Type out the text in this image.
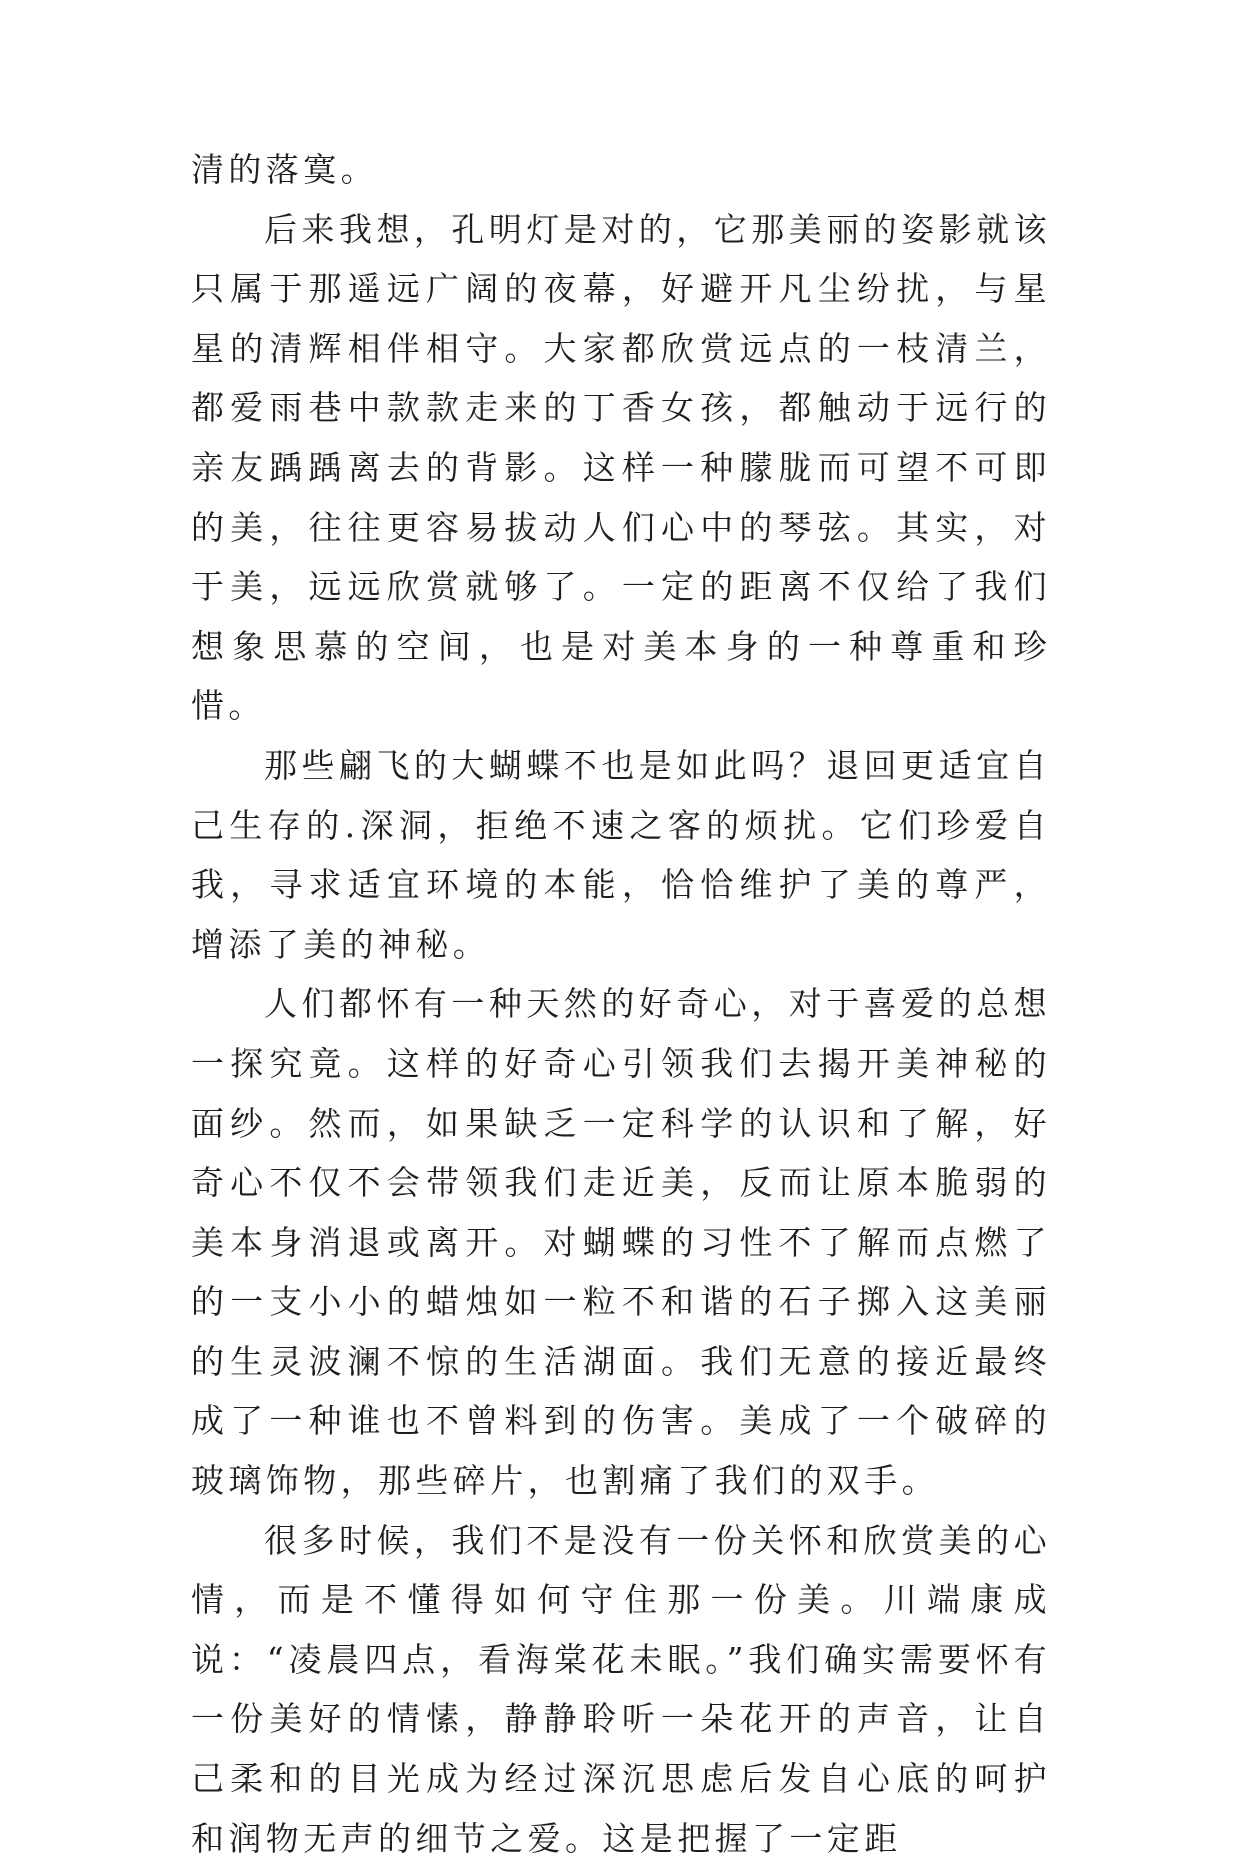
清的落寞。

后来我想，孔明灯是对的，它那美丽的姿影就该只属于那遥远广阔的夜幕，好避开凡尘纷扰，与星星的清辉相伴相守。大家都欣赏远点的一枝清兰，都爱雨巷中款款走来的丁香女孩，都触动于远行的亲友踽踽离去的背影。这样一种朦胧而可望不可即的美，往往更容易拔动人们心中的琴弦。其实，对于美，远远欣赏就够了。一定的距离不仅给了我们想象思慕的空间，也是对美本身的一种尊重和珍惜。

那些翩飞的大蝴蝶不也是如此吗？退回更适宜自己生存的.深洞，拒绝不速之客的烦扰。它们珍爱自我，寻求适宜环境的本能，恰恰维护了美的尊严，增添了美的神秘。

人们都怀有一种天然的好奇心，对于喜爱的总想一探究竟。这样的好奇心引领我们去揭开美神秘的面纱。然而，如果缺乏一定科学的认识和了解，好奇心不仅不会带领我们走近美，反而让原本脆弱的美本身消退或离开。对蝴蝶的习性不了解而点燃了的一支小小的蜡烛如一粒不和谐的石子掷入这美丽的生灵波澜不惊的生活湖面。我们无意的接近最终成了一种谁也不曾料到的伤害。美成了一个破碎的玻璃饰物，那些碎片，也割痛了我们的双手。

很多时候，我们不是没有一份关怀和欣赏美的心情，而是不懂得如何守住那一份美。川端康成说：“凌晨四点，看海棠花未眠。”我们确实需要怀有一份美好的情愫，静静聆听一朵花开的声音，让自己柔和的目光成为经过深沉思虑后发自心底的呵护和润物无声的细节之爱。这是把握了一定距
